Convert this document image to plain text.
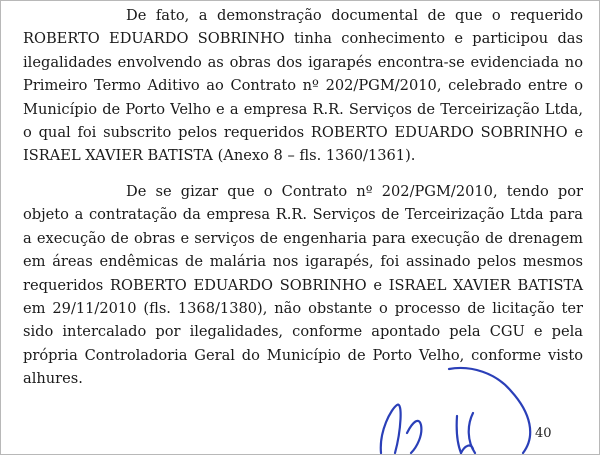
De fato, a demonstração documental de que o requerido
ROBERTO EDUARDO SOBRINHO tinha conhecimento e participou das
ilegalidades envolvendo as obras dos igarapés encontra-se evidenciada no
Primeiro Termo Aditivo ao Contrato nº 202/PGM/2010, celebrado entre o
Município de Porto Velho e a empresa R.R. Serviços de Terceirização Ltda,
o qual foi subscrito pelos requeridos ROBERTO EDUARDO SOBRINHO e
ISRAEL XAVIER BATISTA (Anexo 8 – fls. 1360/1361).
De se gizar que o Contrato nº 202/PGM/2010, tendo por
objeto a contratação da empresa R.R. Serviços de Terceirização Ltda para
a execução de obras e serviços de engenharia para execução de drenagem
em áreas endêmicas de malária nos igarapés, foi assinado pelos mesmos
requeridos ROBERTO EDUARDO SOBRINHO e ISRAEL XAVIER BATISTA
em 29/11/2010 (fls. 1368/1380), não obstante o processo de licitação ter
sido intercalado por ilegalidades, conforme apontado pela CGU e pela
própria Controladoria Geral do Município de Porto Velho, conforme visto
alhures.
40
